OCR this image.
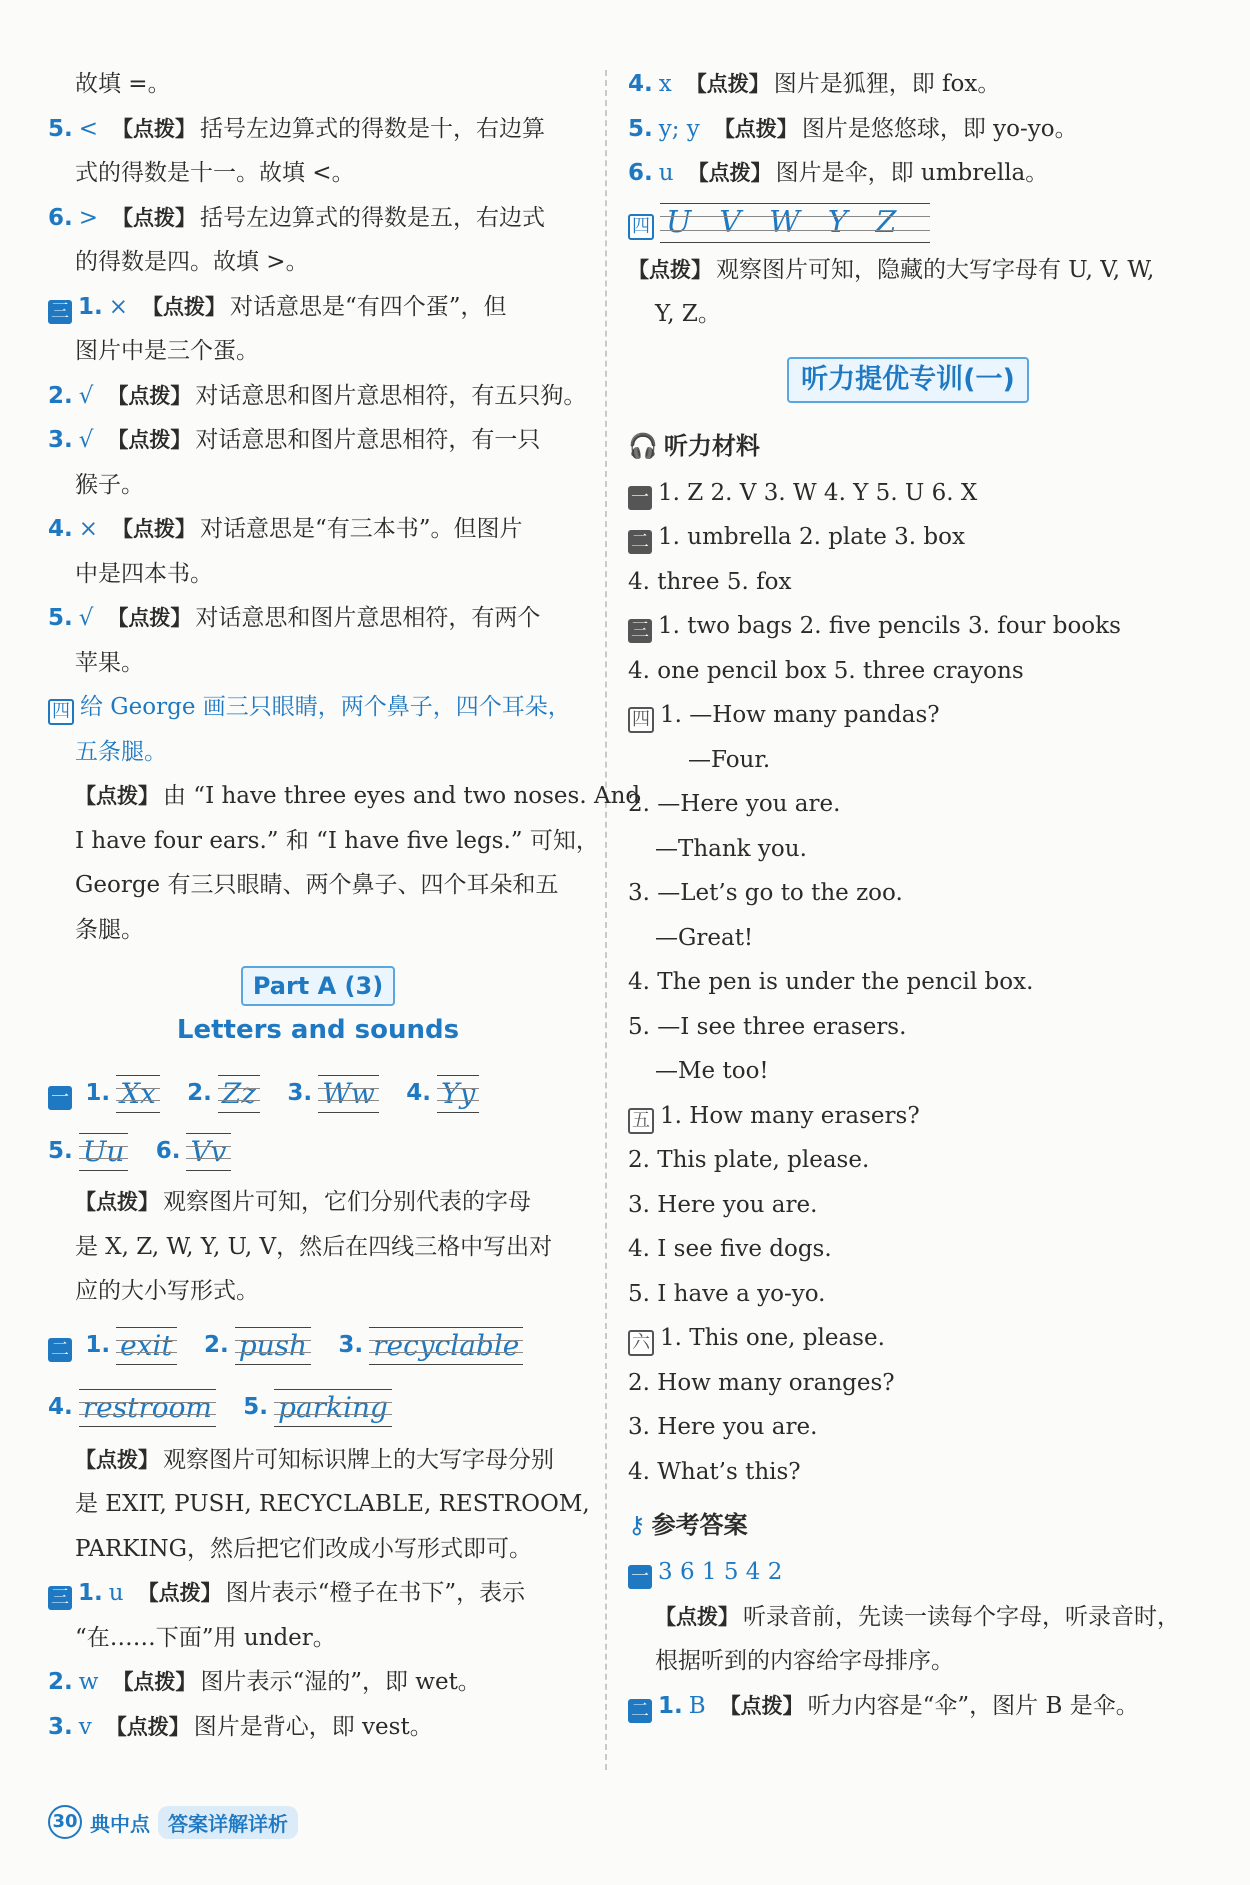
故填 =。
5. < 【点拨】 括号左边算式的得数是十，右边算
式的得数是十一。故填 <。
6. > 【点拨】 括号左边算式的得数是五，右边式
的得数是四。故填 >。
三 1. × 【点拨】 对话意思是“有四个蛋”，但
图片中是三个蛋。
2. √ 【点拨】 对话意思和图片意思相符，有五只狗。
3. √ 【点拨】 对话意思和图片意思相符，有一只
猴子。
4. × 【点拨】 对话意思是“有三本书”。但图片
中是四本书。
5. √ 【点拨】 对话意思和图片意思相符，有两个
苹果。
四 给 George 画三只眼睛，两个鼻子，四个耳朵，
五条腿。
【点拨】 由 “I have three eyes and two noses. And
I have four ears.” 和 “I have five legs.” 可知，
George 有三只眼睛、两个鼻子、四个耳朵和五
条腿。
Part A (3)
Letters and sounds
一 1. Xx 2. Zz 3. Ww 4. Yy
5. Uu 6. Vv
【点拨】 观察图片可知，它们分别代表的字母
是 X, Z, W, Y, U, V，然后在四线三格中写出对
应的大小写形式。
二 1. exit 2. push 3. recyclable
4. restroom 5. parking
【点拨】 观察图片可知标识牌上的大写字母分别
是 EXIT, PUSH, RECYCLABLE, RESTROOM,
PARKING，然后把它们改成小写形式即可。
三 1. u 【点拨】 图片表示“橙子在书下”，表示
“在……下面”用 under。
2. w 【点拨】 图片表示“湿的”，即 wet。
3. v 【点拨】 图片是背心，即 vest。
4. x 【点拨】 图片是狐狸，即 fox。
5. y; y 【点拨】 图片是悠悠球，即 yo-yo。
6. u 【点拨】 图片是伞，即 umbrella。
四 UVWYZ
【点拨】 观察图片可知，隐藏的大写字母有 U, V, W,
Y, Z。
听力提优专训(一)
🎧 听力材料
一 1. Z 2. V 3. W 4. Y 5. U 6. X
二 1. umbrella 2. plate 3. box
4. three 5. fox
三 1. two bags 2. five pencils 3. four books
4. one pencil box 5. three crayons
四 1. —How many pandas?
—Four.
2. —Here you are.
—Thank you.
3. —Let’s go to the zoo.
—Great!
4. The pen is under the pencil box.
5. —I see three erasers.
—Me too!
五 1. How many erasers?
2. This plate, please.
3. Here you are.
4. I see five dogs.
5. I have a yo-yo.
六 1. This one, please.
2. How many oranges?
3. Here you are.
4. What’s this?
⚷ 参考答案
一 3 6 1 5 4 2
【点拨】 听录音前，先读一读每个字母，听录音时，
根据听到的内容给字母排序。
二 1. B 【点拨】 听力内容是“伞”，图片 B 是伞。
30 典中点 答案详解详析
